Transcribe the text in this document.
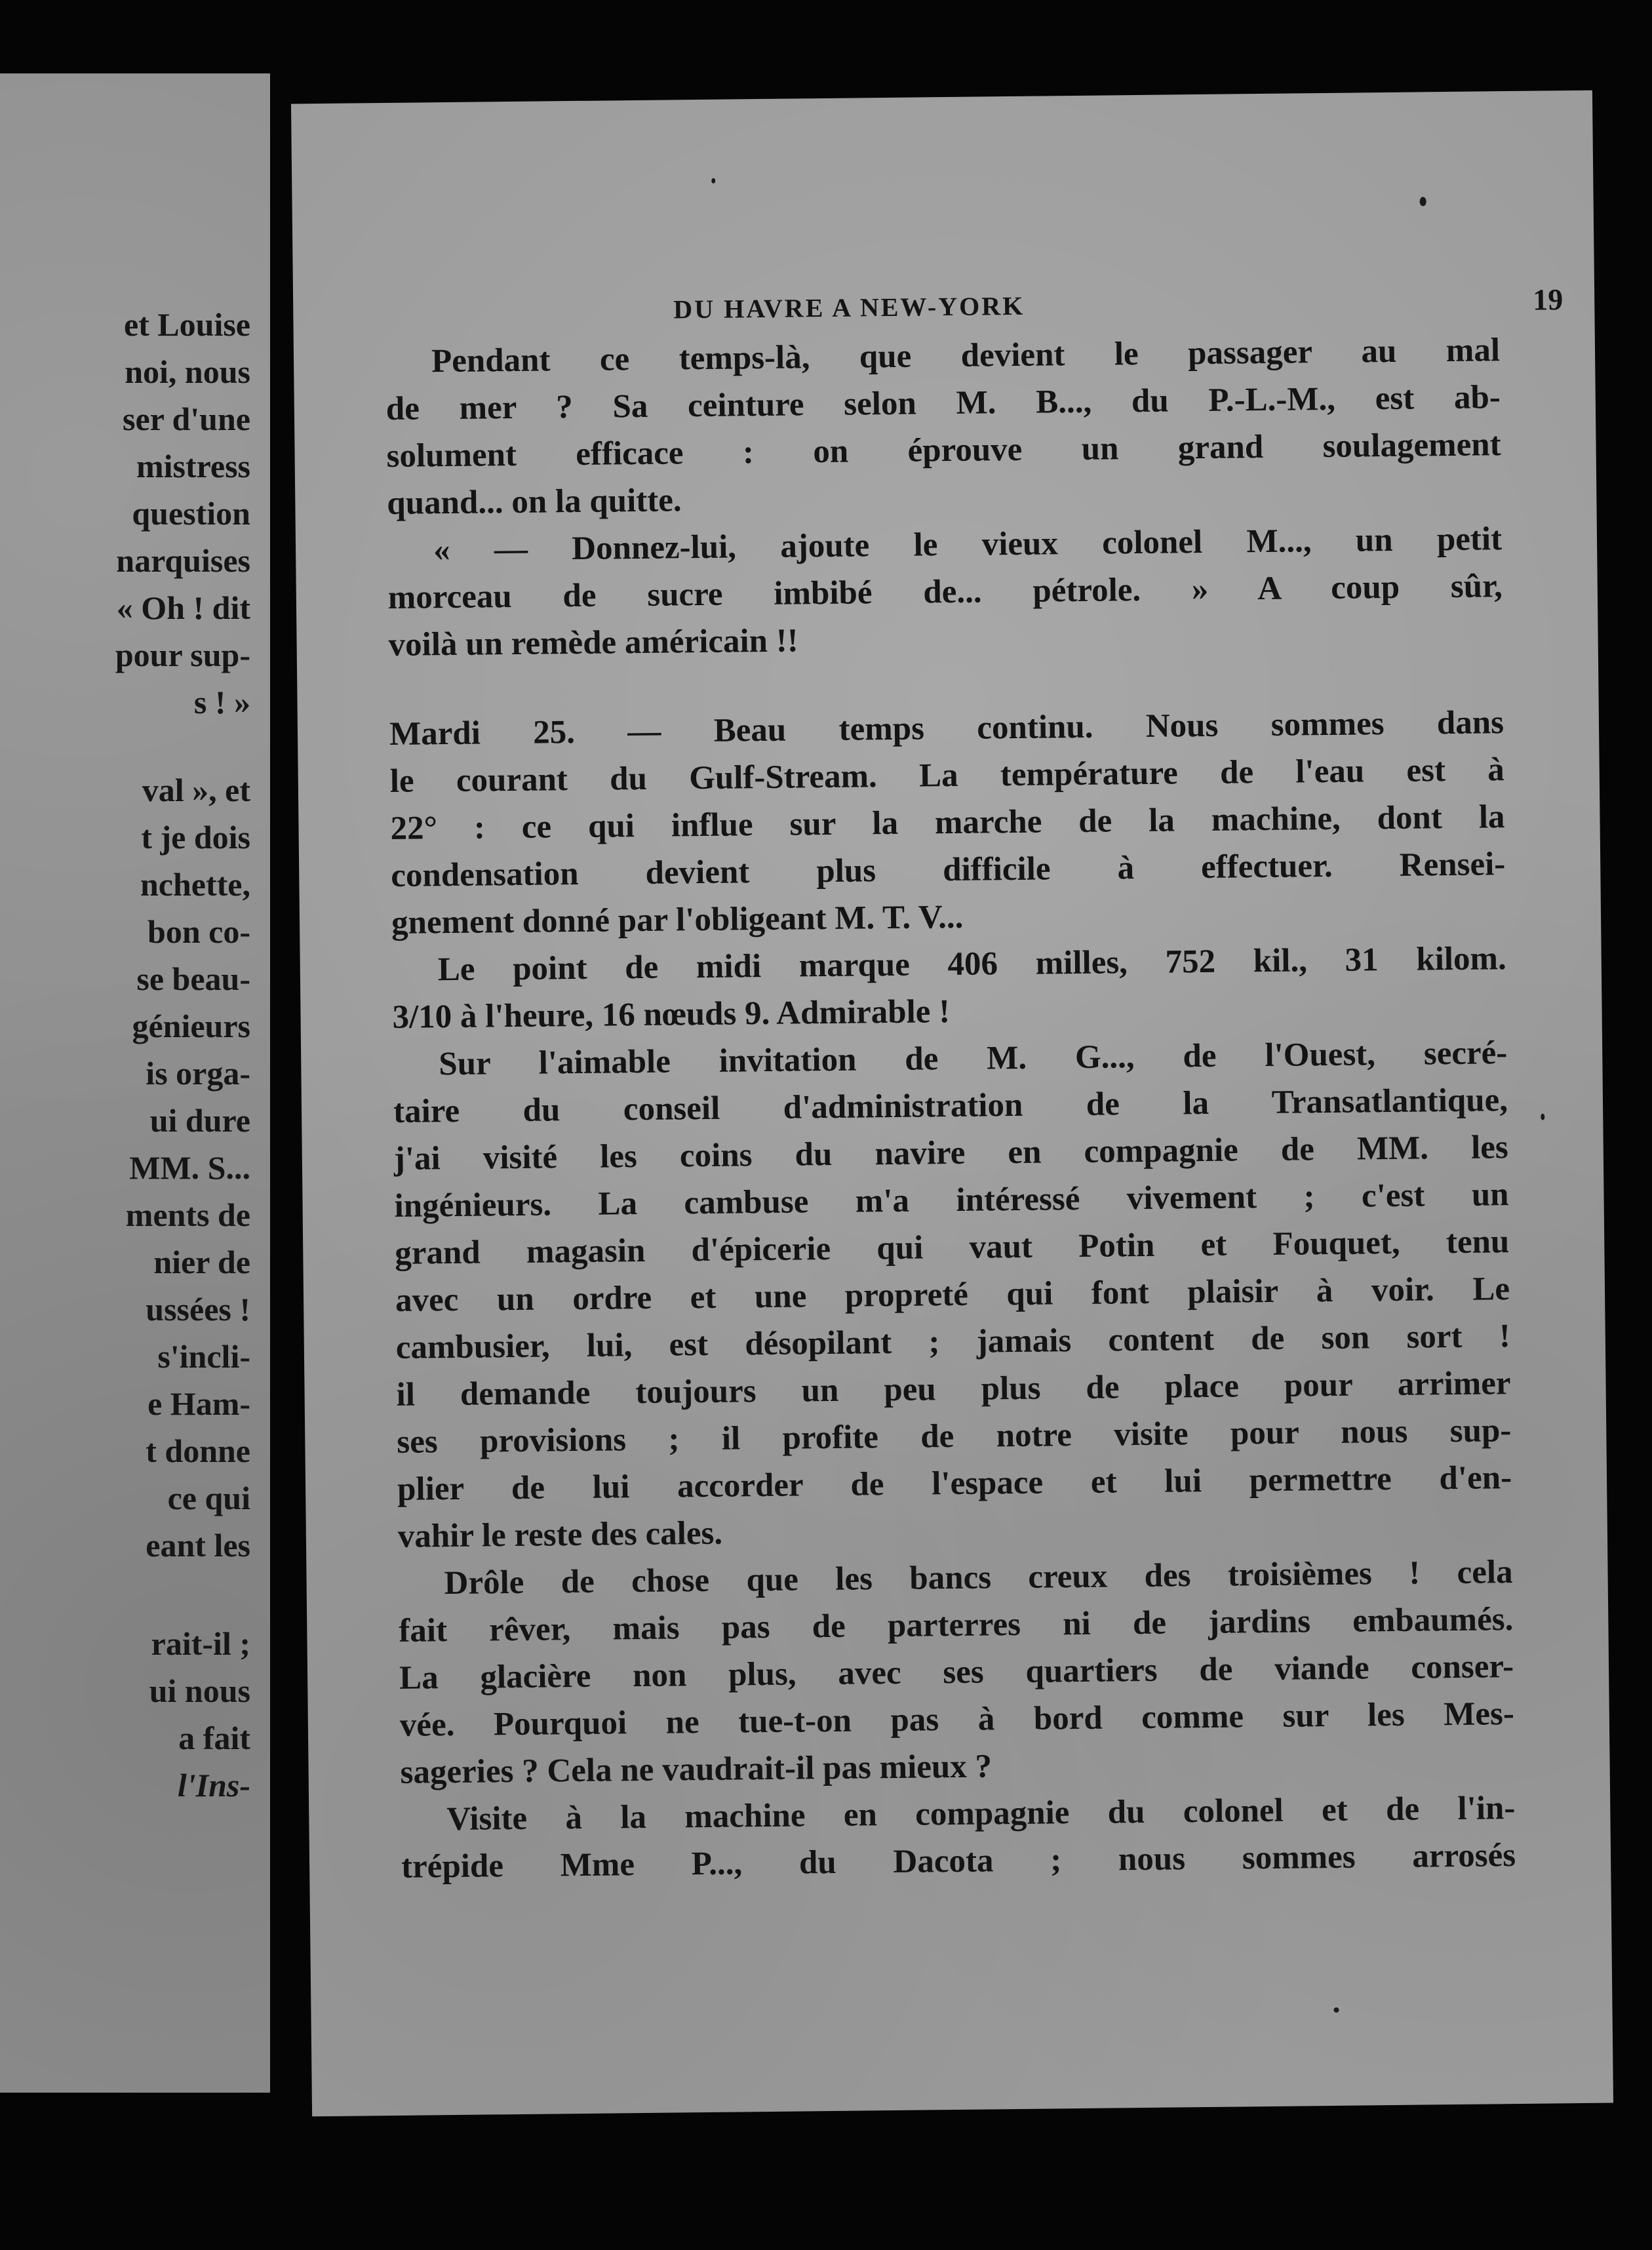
et Louise
noi, nous
ser d'une
mistress
question
narquises
« Oh ! dit
pour sup-
s ! »
val », et
t je dois
nchette,
bon co-
se beau-
génieurs
is orga-
ui dure
MM. S...
ments de
nier de
ussées !
s'incli-
e Ham-
t donne
ce qui
eant les
rait-il ;
ui nous
a fait
l'Ins-
DU HAVRE A NEW-YORK	19
Pendant ce temps-là, que devient le passager au mal
de mer ? Sa ceinture selon M. B..., du P.-L.-M., est ab-
solument efficace : on éprouve un grand soulagement
quand... on la quitte.
« — Donnez-lui, ajoute le vieux colonel M..., un petit
morceau de sucre imbibé de... pétrole. » A coup sûr,
voilà un remède américain !!
Mardi 25. — Beau temps continu. Nous sommes dans
le courant du Gulf-Stream. La température de l'eau est à
22° : ce qui influe sur la marche de la machine, dont la
condensation devient plus difficile à effectuer. Rensei-
gnement donné par l'obligeant M. T. V...
Le point de midi marque 406 milles, 752 kil., 31 kilom.
3/10 à l'heure, 16 nœuds 9. Admirable !
Sur l'aimable invitation de M. G..., de l'Ouest, secré-
taire du conseil d'administration de la Transatlantique,
j'ai visité les coins du navire en compagnie de MM. les
ingénieurs. La cambuse m'a intéressé vivement ; c'est un
grand magasin d'épicerie qui vaut Potin et Fouquet, tenu
avec un ordre et une propreté qui font plaisir à voir. Le
cambusier, lui, est désopilant ; jamais content de son sort !
il demande toujours un peu plus de place pour arrimer
ses provisions ; il profite de notre visite pour nous sup-
plier de lui accorder de l'espace et lui permettre d'en-
vahir le reste des cales.
Drôle de chose que les bancs creux des troisièmes ! cela
fait rêver, mais pas de parterres ni de jardins embaumés.
La glacière non plus, avec ses quartiers de viande conser-
vée. Pourquoi ne tue-t-on pas à bord comme sur les Mes-
sageries ? Cela ne vaudrait-il pas mieux ?
Visite à la machine en compagnie du colonel et de l'in-
trépide Mme P..., du Dacota ; nous sommes arrosés
